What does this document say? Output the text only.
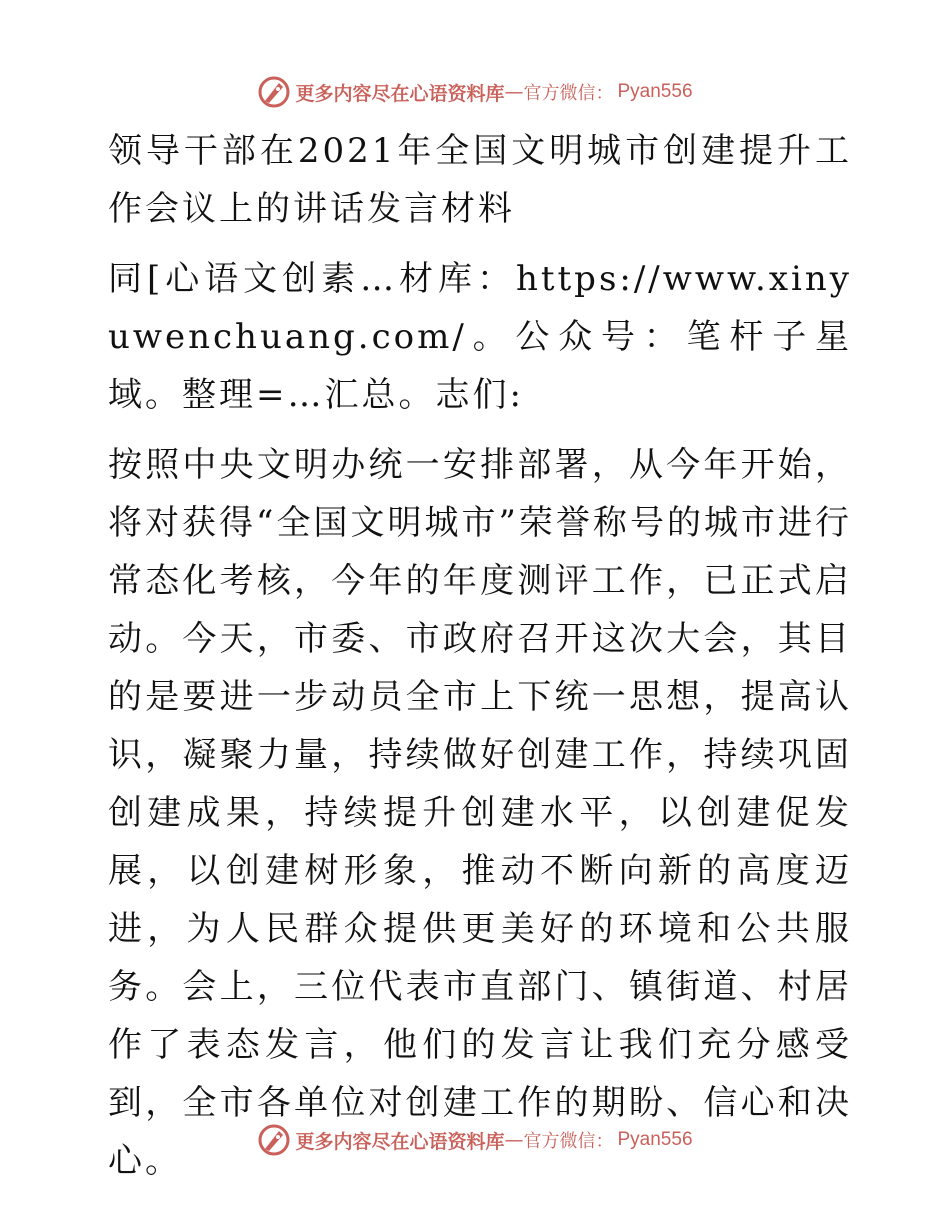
更多内容尽在心语资料库 — 官方微信： Pyan556

领导干部在2021年全国文明城市创建提升工作会议上的讲话发言材料

同[心语文创素…材库：https://www.xinyuwenchuang.com/。公众号：笔杆子星域。整理=…汇总。志们:

按照中央文明办统一安排部署，从今年开始，将对获得“全国文明城市”荣誉称号的城市进行常态化考核，今年的年度测评工作，已正式启动。今天，市委、市政府召开这次大会，其目的是要进一步动员全市上下统一思想，提高认识，凝聚力量，持续做好创建工作，持续巩固创建成果，持续提升创建水平，以创建促发展，以创建树形象，推动不断向新的高度迈进，为人民群众提供更美好的环境和公共服务。会上，三位代表市直部门、镇街道、村居作了表态发言，他们的发言让我们充分感受到，全市各单位对创建工作的期盼、信心和决心。	更多内容尽在心语资料库 — 官方微信： Pyan556
